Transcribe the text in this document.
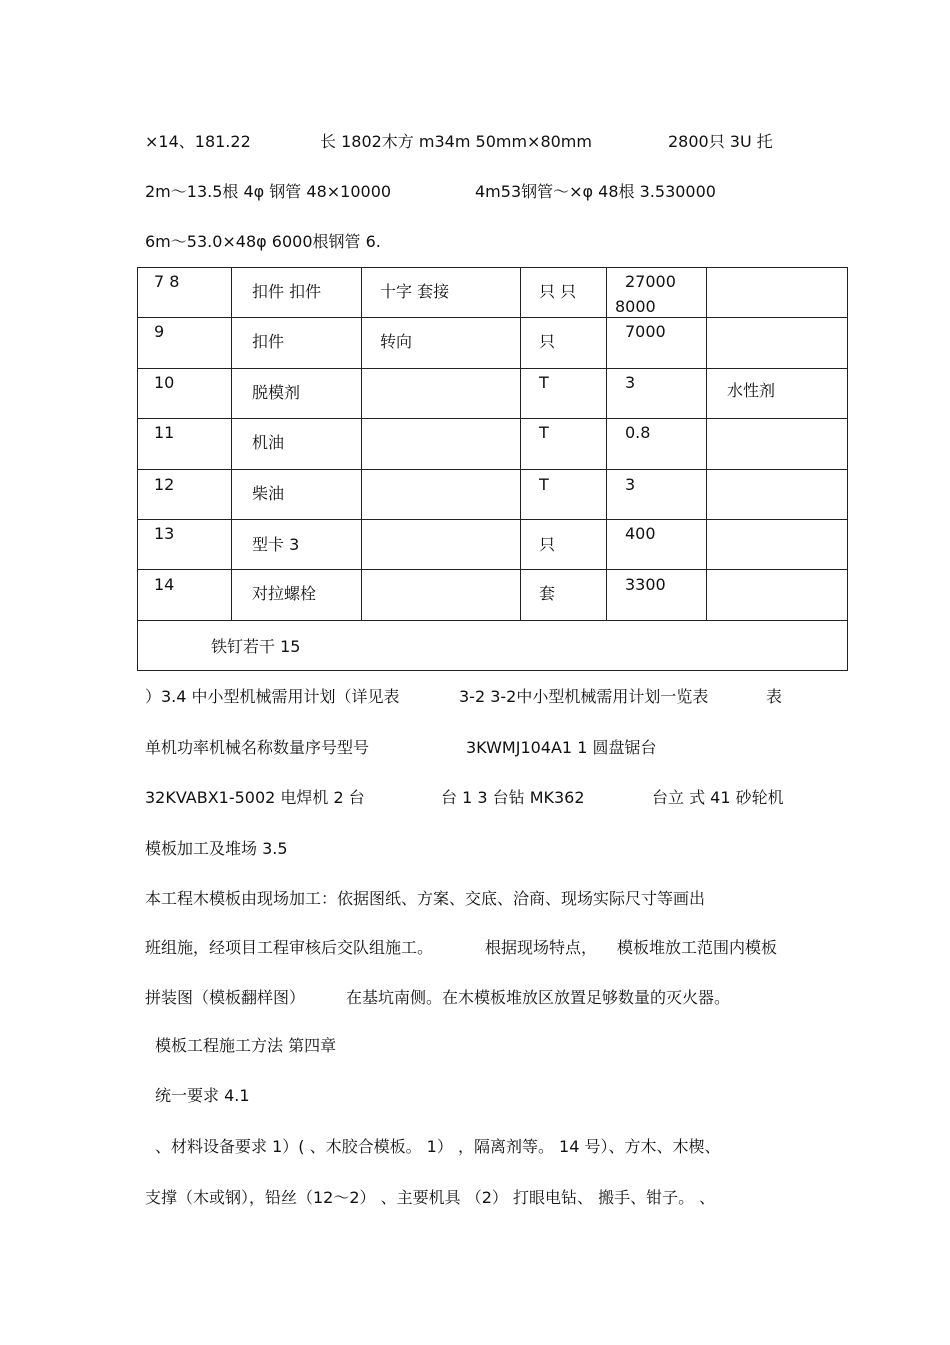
×14、181.22	长 1802木方 m34m 50mm×80mm	2800只 3U 托
2m～13.5根 4φ 钢管 48×10000	4m53钢管～×φ 48根 3.530000
6m～53.0×48φ 6000根钢管 6.
7 8	扣件 扣件	十字 套接	只 只	27000
8000	

9	扣件	转向	只	7000	

10	脱模剂		T	3	水性剂

11	机油		T	0.8	

12	柴油		T	3	

13	型卡 3		只	400	

14	对拉螺栓		套	3300	

铁钉若干 15					
）3.4 中小型机械需用计划（详见表	3-2 3-2中小型机械需用计划一览表	表
单机功率机械名称数量序号型号	3KWMJ104A1 1 圆盘锯台
32KVABX1-5002 电焊机 2 台	台 1 3 台钻 MK362	台立 式 41 砂轮机
模板加工及堆场 3.5
本工程木模板由现场加工：依据图纸、方案、交底、洽商、现场实际尺寸等画出
班组施，经项目工程审核后交队组施工。	根据现场特点， 模板堆放工范围内模板
拼装图（模板翻样图）	在基坑南侧。在木模板堆放区放置足够数量的灭火器。
模板工程施工方法 第四章
统一要求 4.1
、材料设备要求 1）( 、木胶合模板。 1） ，隔离剂等。 14 号）、方木、木楔、
支撑（木或钢），铅丝（12～2） 、主要机具 （2） 打眼电钻、 搬手、钳子。 、
